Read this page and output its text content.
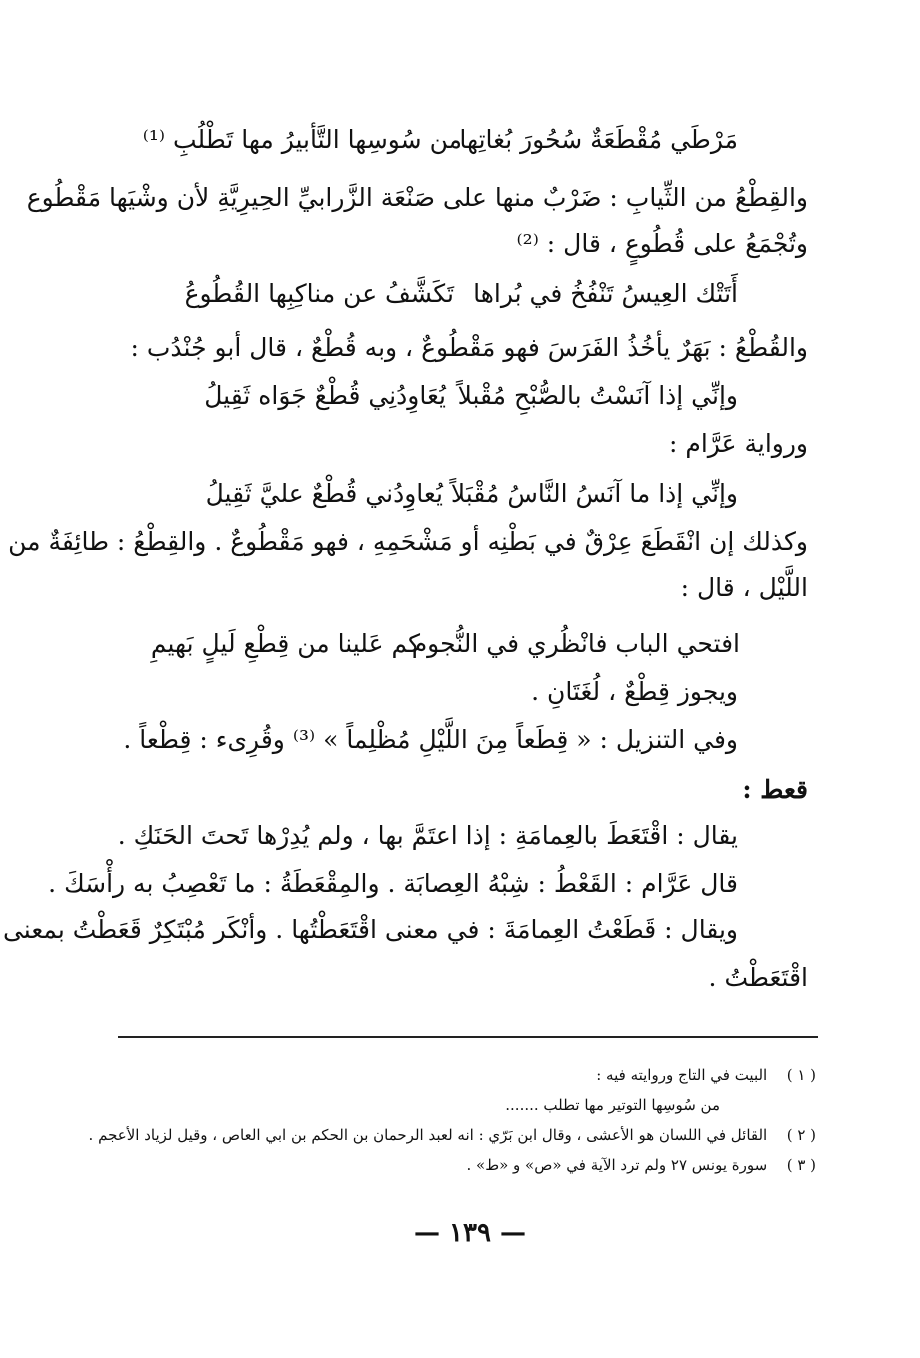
مَرْطَي مُقْطَعَةٌ سُحُورَ بُغاتِها
من سُوسِها التَّأبيرُ مها تَطْلُبِ ⁽¹⁾
والقِطْعُ من الثِّيابِ : ضَرْبٌ منها على صَنْعَة الزَّرابيِّ الحِيرِيَّةِ لأن وشْيَها مَقْطُوع
وتُجْمَعُ على قُطُوعٍ ، قال : ⁽²⁾
أَتَتْك العِيسُ تَنْفُخُ في بُراها
تَكَشَّفُ عن مناكِبِها القُطُوعُ
والقُطْعُ : بَهَرٌ يأخُذُ الفَرَسَ فهو مَقْطُوعٌ ، وبه قُطْعٌ ، قال أبو جُنْدُب :
وإنِّي إذا آنَسْتُ بالصُّبْحِ مُقْبلاً
يُعَاوِدُنِي قُطْعٌ جَوَاه ثَقِيلُ
ورواية عَرَّام :
وإنِّي إذا ما آنَسُ النَّاسُ مُقْبَلاً يُعاوِدُني قُطْعٌ عليَّ ثَقِيلُ
وكذلك إن انْقَطَعَ عِرْقٌ في بَطْنِه أو مَشْحَمِهِ ، فهو مَقْطُوعٌ . والقِطْعُ : طائِفَةٌ من
اللَّيْل ، قال :
افتحي الباب فانْظُري في النُّجوم
كم عَلينا من قِطْعِ لَيلٍ بَهيمِ
ويجوز قِطْعٌ ، لُغَتَانِ .
وفي التنزيل : « قِطَعاً مِنَ اللَّيْلِ مُظْلِماً » ⁽³⁾ وقُرِىء : قِطْعاً .
قعط :
يقال : اقْتَعَطَ بالعِمامَةِ : إذا اعتَمَّ بها ، ولم يُدِرْها تَحتَ الحَنَكِ .
قال عَرَّام : القَعْطُ : شِبْهُ العِصابَة . والمِقْعَطَةُ : ما تَعْصِبُ به رأْسَكَ .
ويقال : قَطَعْتُ العِمامَةَ : في معنى اقْتَعَطْتُها . وأنْكَر مُبْتَكِرٌ قَعَطْتُ بمعنى
اقْتَعَطْتُ .
( ١ ) البيت في التاج وروايته فيه :
من سُوسِها التوتير مها تطلب .......
( ٢ ) القائل في اللسان هو الأعشى ، وقال ابن بَرّي : انه لعبد الرحمان بن الحكم بن ابي العاص ، وقيل لزياد الأعجم .
( ٣ ) سورة يونس ٢٧ ولم ترد الآية في «ص» و «ط» .
— ١٣٩ —
